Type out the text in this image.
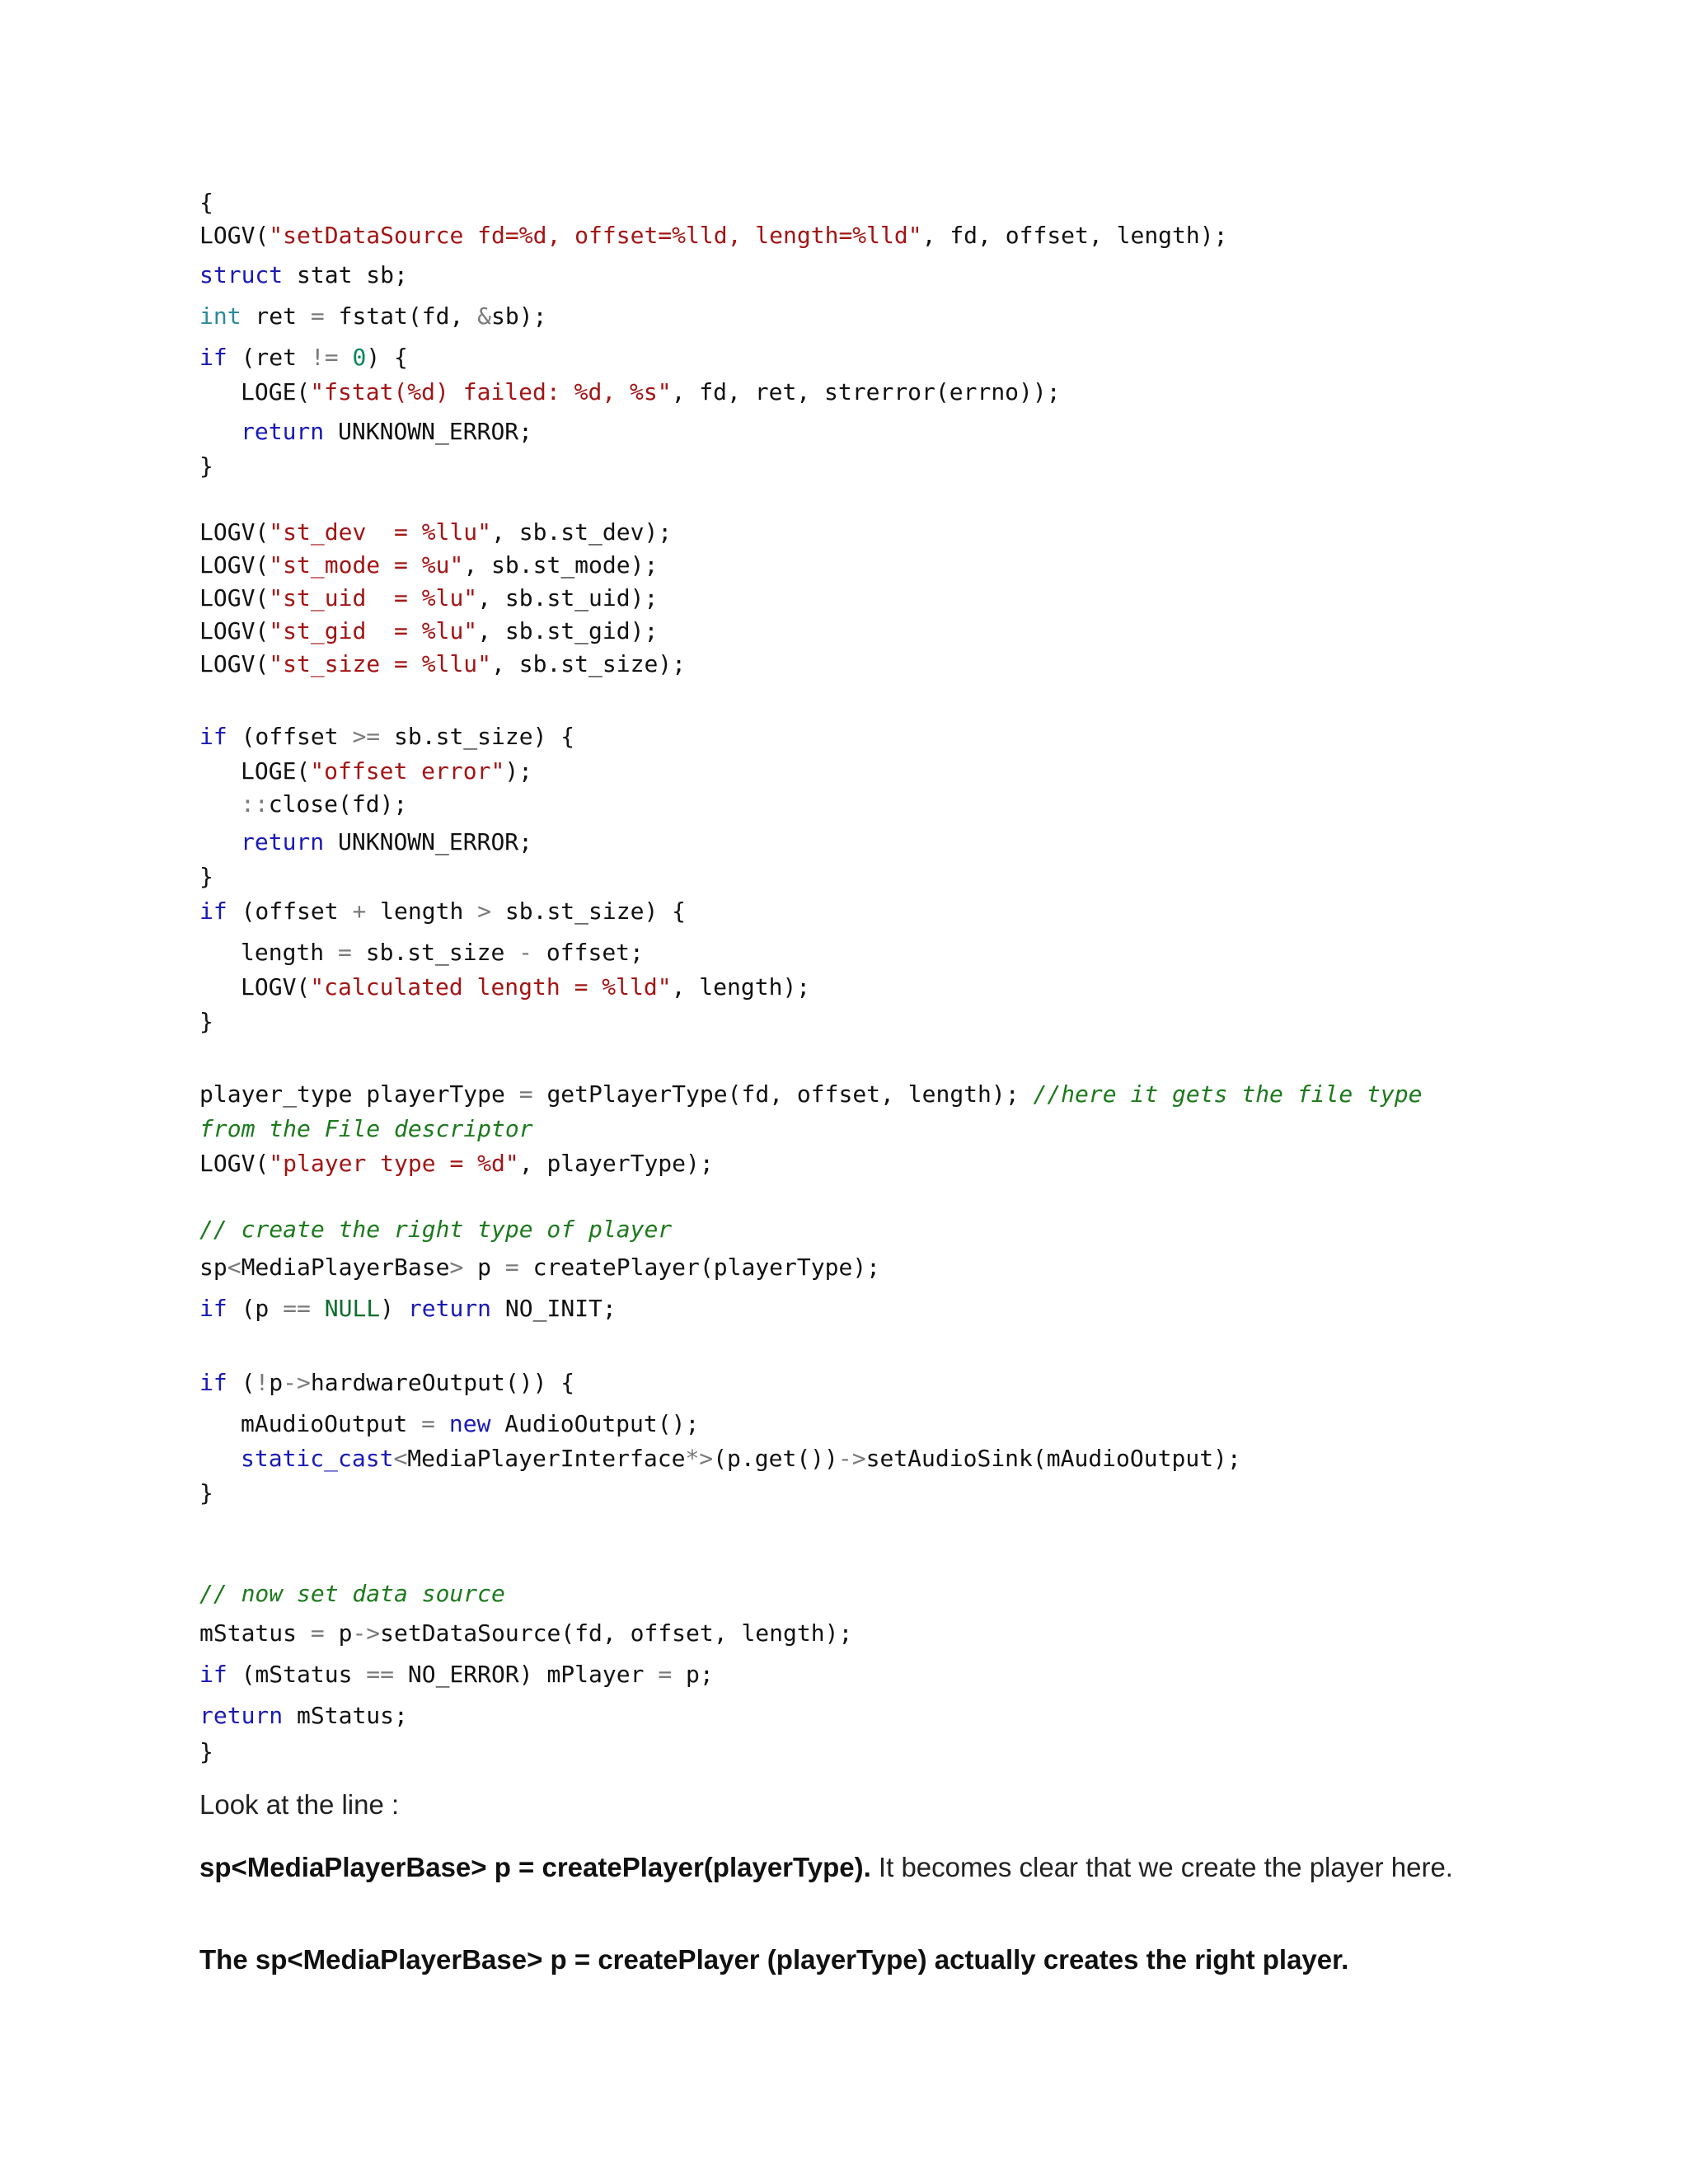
{
LOGV("setDataSource fd=%d, offset=%lld, length=%lld", fd, offset, length);
struct stat sb;
int ret = fstat(fd, &sb);
if (ret != 0) {
LOGE("fstat(%d) failed: %d, %s", fd, ret, strerror(errno));
return UNKNOWN_ERROR;
}
LOGV("st_dev  = %llu", sb.st_dev);
LOGV("st_mode = %u", sb.st_mode);
LOGV("st_uid  = %lu", sb.st_uid);
LOGV("st_gid  = %lu", sb.st_gid);
LOGV("st_size = %llu", sb.st_size);
if (offset >= sb.st_size) {
LOGE("offset error");
::close(fd);
return UNKNOWN_ERROR;
}
if (offset + length > sb.st_size) {
length = sb.st_size - offset;
LOGV("calculated length = %lld", length);
}
player_type playerType = getPlayerType(fd, offset, length); //here it gets the file type
from the File descriptor
LOGV("player type = %d", playerType);
// create the right type of player
sp<MediaPlayerBase> p = createPlayer(playerType);
if (p == NULL) return NO_INIT;
if (!p->hardwareOutput()) {
mAudioOutput = new AudioOutput();
static_cast<MediaPlayerInterface*>(p.get())->setAudioSink(mAudioOutput);
}
// now set data source
mStatus = p->setDataSource(fd, offset, length);
if (mStatus == NO_ERROR) mPlayer = p;
return mStatus;
}
Look at the line :
sp<MediaPlayerBase> p = createPlayer(playerType). It becomes clear that we create the player here.
The sp<MediaPlayerBase> p = createPlayer (playerType) actually creates the right player.
